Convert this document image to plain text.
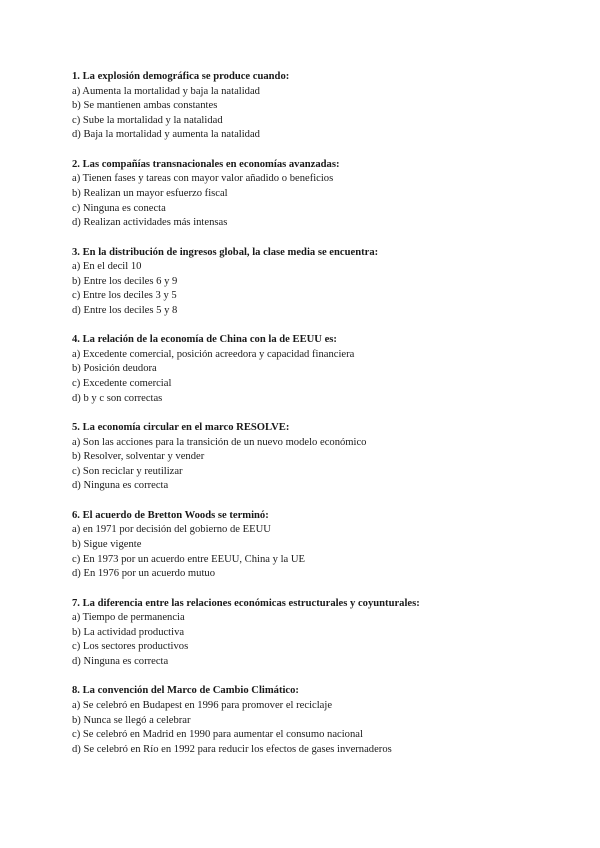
1. La explosión demográfica se produce cuando:
a) Aumenta la mortalidad y baja la natalidad
b) Se mantienen ambas constantes
c) Sube la mortalidad y la natalidad
d) Baja la mortalidad y aumenta la natalidad
2. Las compañías transnacionales en economías avanzadas:
a) Tienen fases y tareas con mayor valor añadido o beneficios
b) Realizan un mayor esfuerzo fiscal
c) Ninguna es conecta
d) Realizan actividades más intensas
3. En la distribución de ingresos global, la clase media se encuentra:
a) En el decil 10
b) Entre los deciles 6 y 9
c) Entre los deciles 3 y 5
d) Entre los deciles 5 y 8
4. La relación de la economía de China con la de EEUU es:
a) Excedente comercial, posición acreedora y capacidad financiera
b) Posición deudora
c) Excedente comercial
d) b y c son correctas
5. La economía circular en el marco RESOLVE:
a) Son las acciones para la transición de un nuevo modelo económico
b) Resolver, solventar y vender
c) Son reciclar y reutilizar
d) Ninguna es correcta
6. El acuerdo de Bretton Woods se terminó:
a) en 1971 por decisión del gobierno de EEUU
b) Sigue vigente
c) En 1973 por un acuerdo entre EEUU, China y la UE
d) En 1976 por un acuerdo mutuo
7. La diferencia entre las relaciones económicas estructurales y coyunturales:
a) Tiempo de permanencia
b) La actividad productiva
c) Los sectores productivos
d) Ninguna es correcta
8. La convención del Marco de Cambio Climático:
a) Se celebró en Budapest en 1996 para promover el reciclaje
b) Nunca se llegó a celebrar
c) Se celebró en Madrid en 1990 para aumentar el consumo nacional
d) Se celebró en Río en 1992 para reducir los efectos de gases invernaderos
